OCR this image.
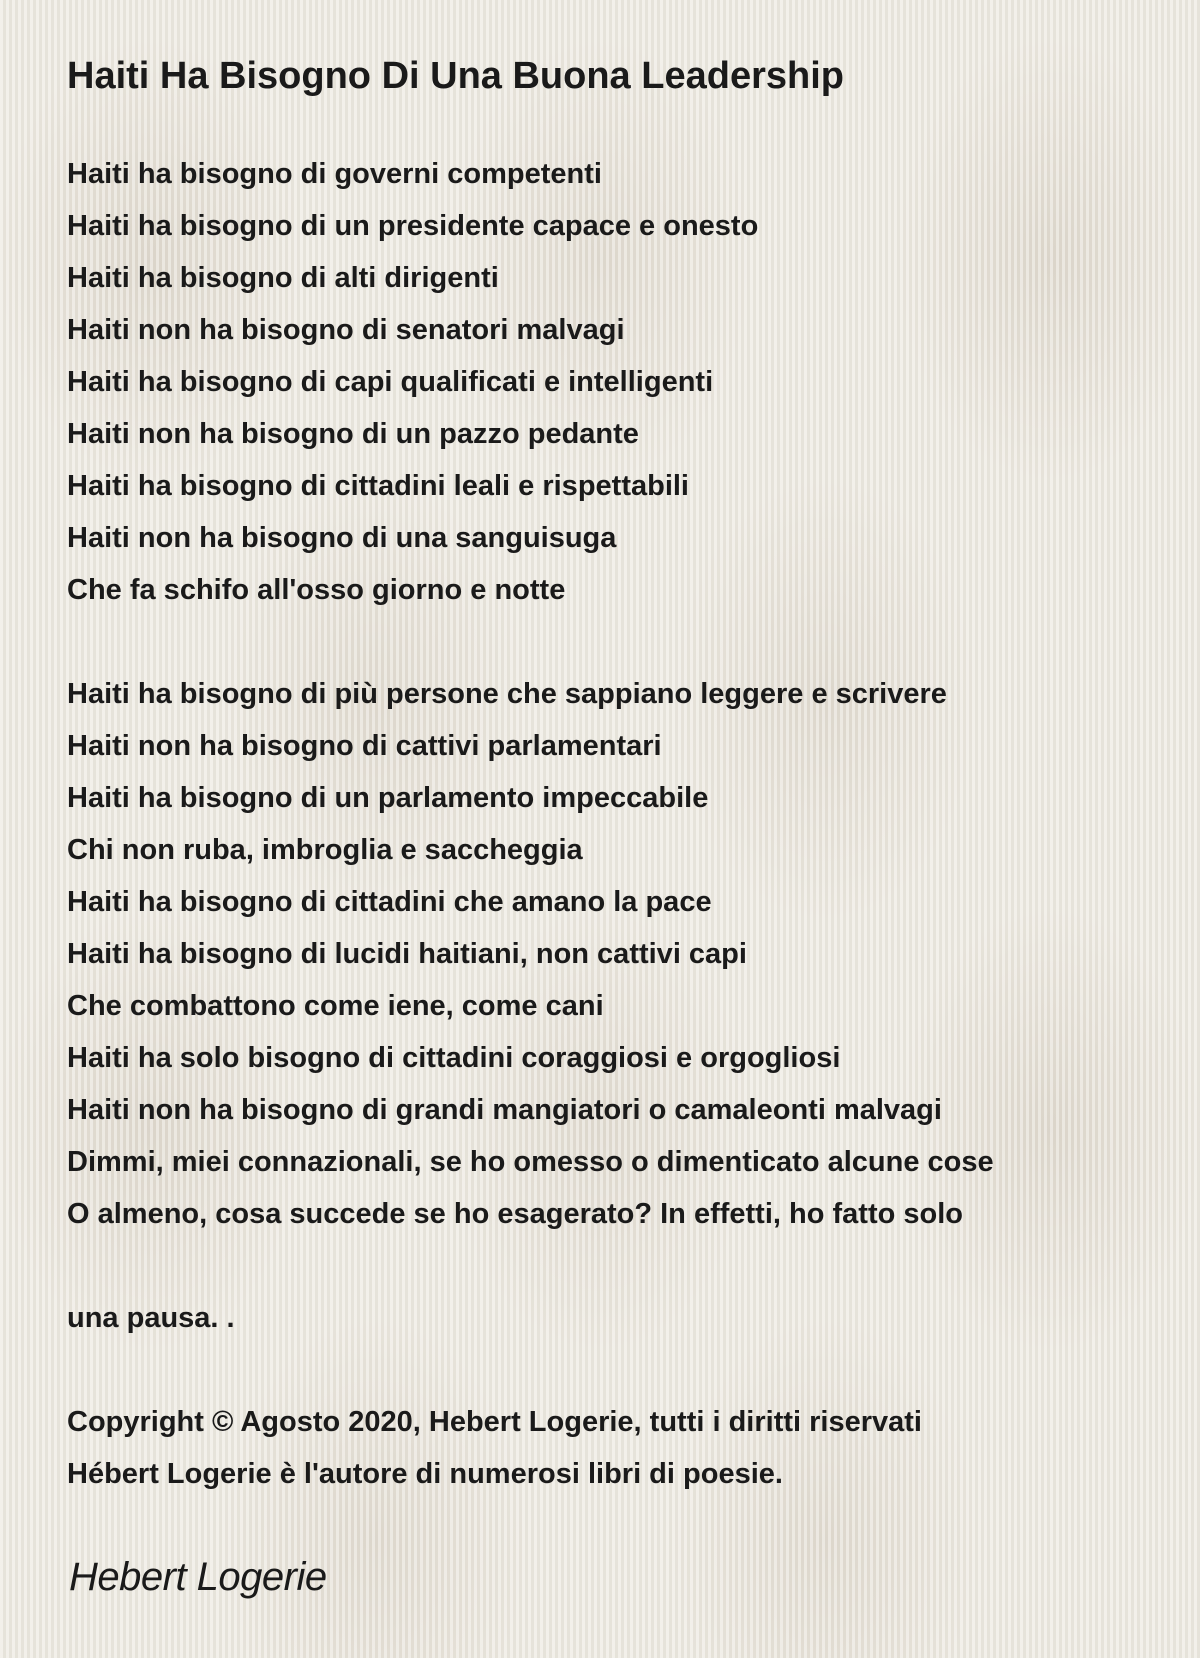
Haiti Ha Bisogno Di Una Buona Leadership
Haiti ha bisogno di governi competenti
Haiti ha bisogno di un presidente capace e onesto
Haiti ha bisogno di alti dirigenti
Haiti non ha bisogno di senatori malvagi
Haiti ha bisogno di capi qualificati e intelligenti
Haiti non ha bisogno di un pazzo pedante
Haiti ha bisogno di cittadini leali e rispettabili
Haiti non ha bisogno di una sanguisuga
Che fa schifo all'osso giorno e notte
Haiti ha bisogno di più persone che sappiano leggere e scrivere
Haiti non ha bisogno di cattivi parlamentari
Haiti ha bisogno di un parlamento impeccabile
Chi non ruba, imbroglia e saccheggia
Haiti ha bisogno di cittadini che amano la pace
Haiti ha bisogno di lucidi haitiani, non cattivi capi
Che combattono come iene, come cani
Haiti ha solo bisogno di cittadini coraggiosi e orgogliosi
Haiti non ha bisogno di grandi mangiatori o camaleonti malvagi
Dimmi, miei connazionali, se ho omesso o dimenticato alcune cose
O almeno, cosa succede se ho esagerato? In effetti, ho fatto solo
una pausa. .
Copyright © Agosto 2020, Hebert Logerie, tutti i diritti riservati
Hébert Logerie è l'autore di numerosi libri di poesie.
Hebert Logerie
